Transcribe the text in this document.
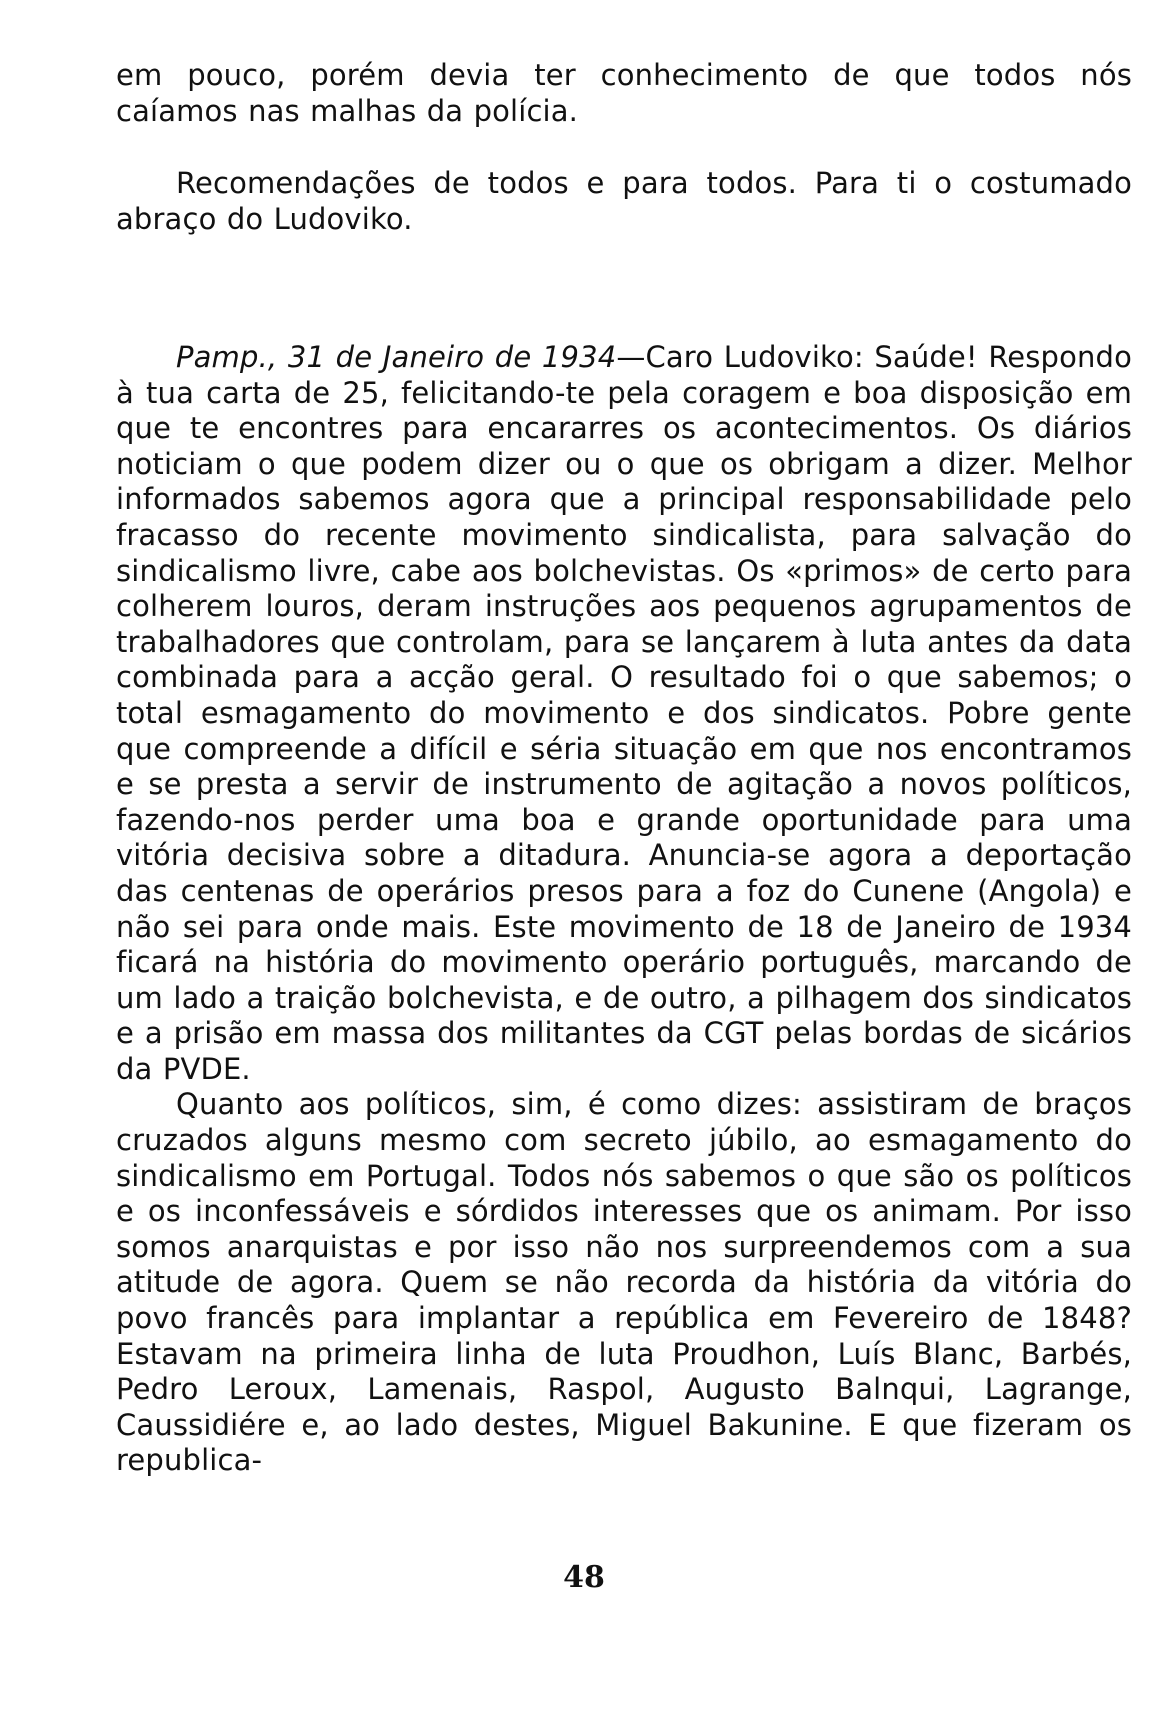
em pouco, porém devia ter conhecimento de que todos nós caíamos nas malhas da polícia.

Recomendações de todos e para todos. Para ti o costumado abraço do Ludoviko.

Pamp., 31 de Janeiro de 1934—Caro Ludoviko: Saúde! Respondo à tua carta de 25, felicitando-te pela coragem e boa disposição em que te encontres para encararres os acontecimentos. Os diários noticiam o que podem dizer ou o que os obrigam a dizer. Melhor informados sabemos agora que a principal responsabilidade pelo fracasso do recente movimento sindicalista, para salvação do sindicalismo livre, cabe aos bolchevistas. Os «primos» de certo para colherem louros, deram instruções aos pequenos agrupamentos de trabalhadores que controlam, para se lançarem à luta antes da data combinada para a acção geral. O resultado foi o que sabemos; o total esmagamento do movimento e dos sindicatos. Pobre gente que compreende a difícil e séria situação em que nos encontramos e se presta a servir de instrumento de agitação a novos políticos, fazendo-nos perder uma boa e grande oportunidade para uma vitória decisiva sobre a ditadura. Anuncia-se agora a deportação das centenas de operários presos para a foz do Cunene (Angola) e não sei para onde mais. Este movimento de 18 de Janeiro de 1934 ficará na história do movimento operário português, marcando de um lado a traição bolchevista, e de outro, a pilhagem dos sindicatos e a prisão em massa dos militantes da CGT pelas bordas de sicários da PVDE.

Quanto aos políticos, sim, é como dizes: assistiram de braços cruzados alguns mesmo com secreto júbilo, ao esmagamento do sindicalismo em Portugal. Todos nós sabemos o que são os políticos e os inconfessáveis e sórdidos interesses que os animam. Por isso somos anarquistas e por isso não nos surpreendemos com a sua atitude de agora. Quem se não recorda da história da vitória do povo francês para implantar a república em Fevereiro de 1848? Estavam na primeira linha de luta Proudhon, Luís Blanc, Barbés, Pedro Leroux, Lamenais, Raspol, Augusto Balnqui, Lagrange, Caussidiére e, ao lado destes, Miguel Bakunine. E que fizeram os republica-

48
